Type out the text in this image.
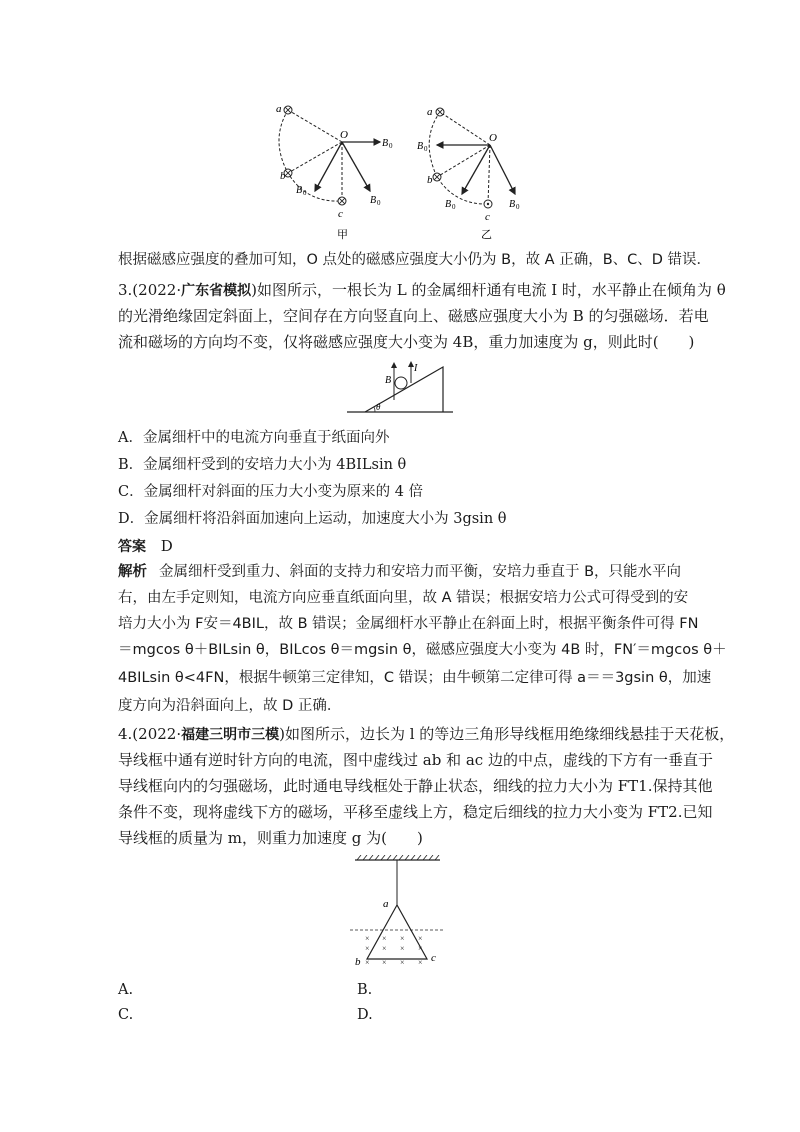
a
b
c
O
B 0
B 0
B 0
甲
a
b
c
O
B 0
B 0	B 0
乙
根据磁感应强度的叠加可知，O 点处的磁感应强度大小仍为 B，故 A 正确，B、C、D 错误．
3.(2022·广东省模拟)如图所示，一根长为 L 的金属细杆通有电流 I 时，水平静止在倾角为 θ
的光滑绝缘固定斜面上，空间存在方向竖直向上、磁感应强度大小为 B 的匀强磁场．若电
流和磁场的方向均不变，仅将磁感应强度大小变为 4B，重力加速度为 g，则此时(　　)
θ
B
I
A．金属细杆中的电流方向垂直于纸面向外
B．金属细杆受到的安培力大小为 4BILsin θ
C．金属细杆对斜面的压力大小变为原来的 4 倍
D．金属细杆将沿斜面加速向上运动，加速度大小为 3gsin θ
答案 D
解析 金属细杆受到重力、斜面的支持力和安培力而平衡，安培力垂直于 B，只能水平向
右，由左手定则知，电流方向应垂直纸面向里，故 A 错误；根据安培力公式可得受到的安
培力大小为 F安＝4BIL，故 B 错误；金属细杆水平静止在斜面上时，根据平衡条件可得 FN
＝mgcos θ＋BILsin θ，BILcos θ＝mgsin θ，磁感应强度大小变为 4B 时，FN′＝mgcos θ＋
4BILsin θ<4FN，根据牛顿第三定律知，C 错误；由牛顿第二定律可得 a＝＝3gsin θ，加速
度方向为沿斜面向上，故 D 正确．
4.(2022·福建三明市三模)如图所示，边长为 l 的等边三角形导线框用绝缘细线悬挂于天花板，
导线框中通有逆时针方向的电流，图中虚线过 ab 和 ac 边的中点，虚线的下方有一垂直于
导线框向内的匀强磁场，此时通电导线框处于静止状态，细线的拉力大小为 FT1.保持其他
条件不变，现将虚线下方的磁场，平移至虚线上方，稳定后细线的拉力大小变为 FT2.已知
导线框的质量为 m，则重力加速度 g 为(　　)
× × × ×
× × × ×
× × × ×
a
b	c
A.	B.
C.	D.
